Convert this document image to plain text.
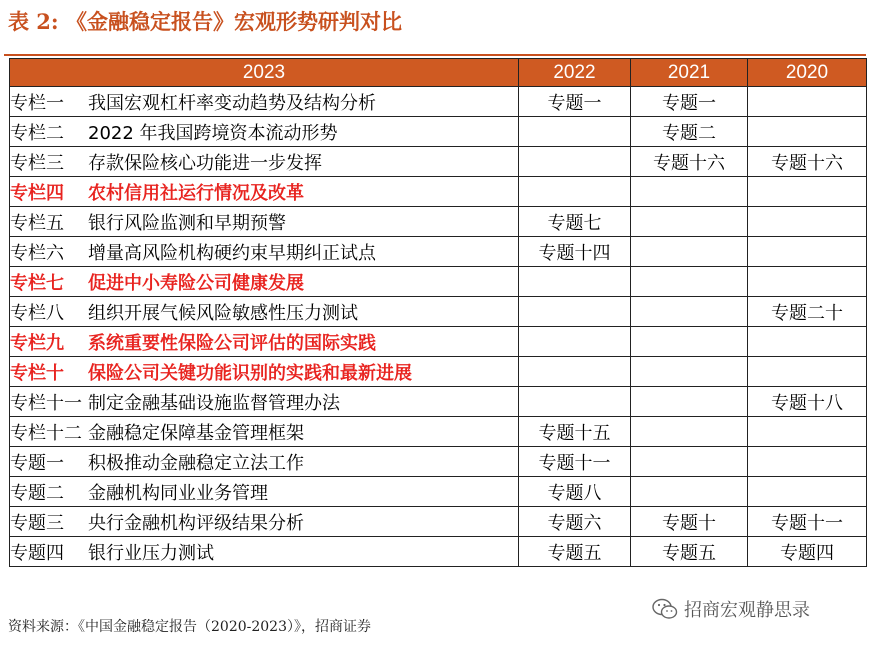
表 2: 《金融稳定报告》宏观形势研判对比
2023	2022	2021	2020
专栏一 我国宏观杠杆率变动趋势及结构分析	专题一	专题一	
专栏二 2022 年我国跨境资本流动形势		专题二	
专栏三 存款保险核心功能进一步发挥		专题十六	专题十六
专栏四 农村信用社运行情况及改革			
专栏五 银行风险监测和早期预警	专题七		
专栏六 增量高风险机构硬约束早期纠正试点	专题十四		
专栏七 促进中小寿险公司健康发展			
专栏八 组织开展气候风险敏感性压力测试			专题二十
专栏九 系统重要性保险公司评估的国际实践			
专栏十 保险公司关键功能识别的实践和最新进展			
专栏十一 制定金融基础设施监督管理办法			专题十八
专栏十二 金融稳定保障基金管理框架	专题十五		
专题一 积极推动金融稳定立法工作	专题十一		
专题二 金融机构同业业务管理	专题八		
专题三 央行金融机构评级结果分析	专题六	专题十	专题十一
专题四 银行业压力测试	专题五	专题五	专题四
资料来源：《中国金融稳定报告（2020-2023）》，招商证券
招商宏观静思录
